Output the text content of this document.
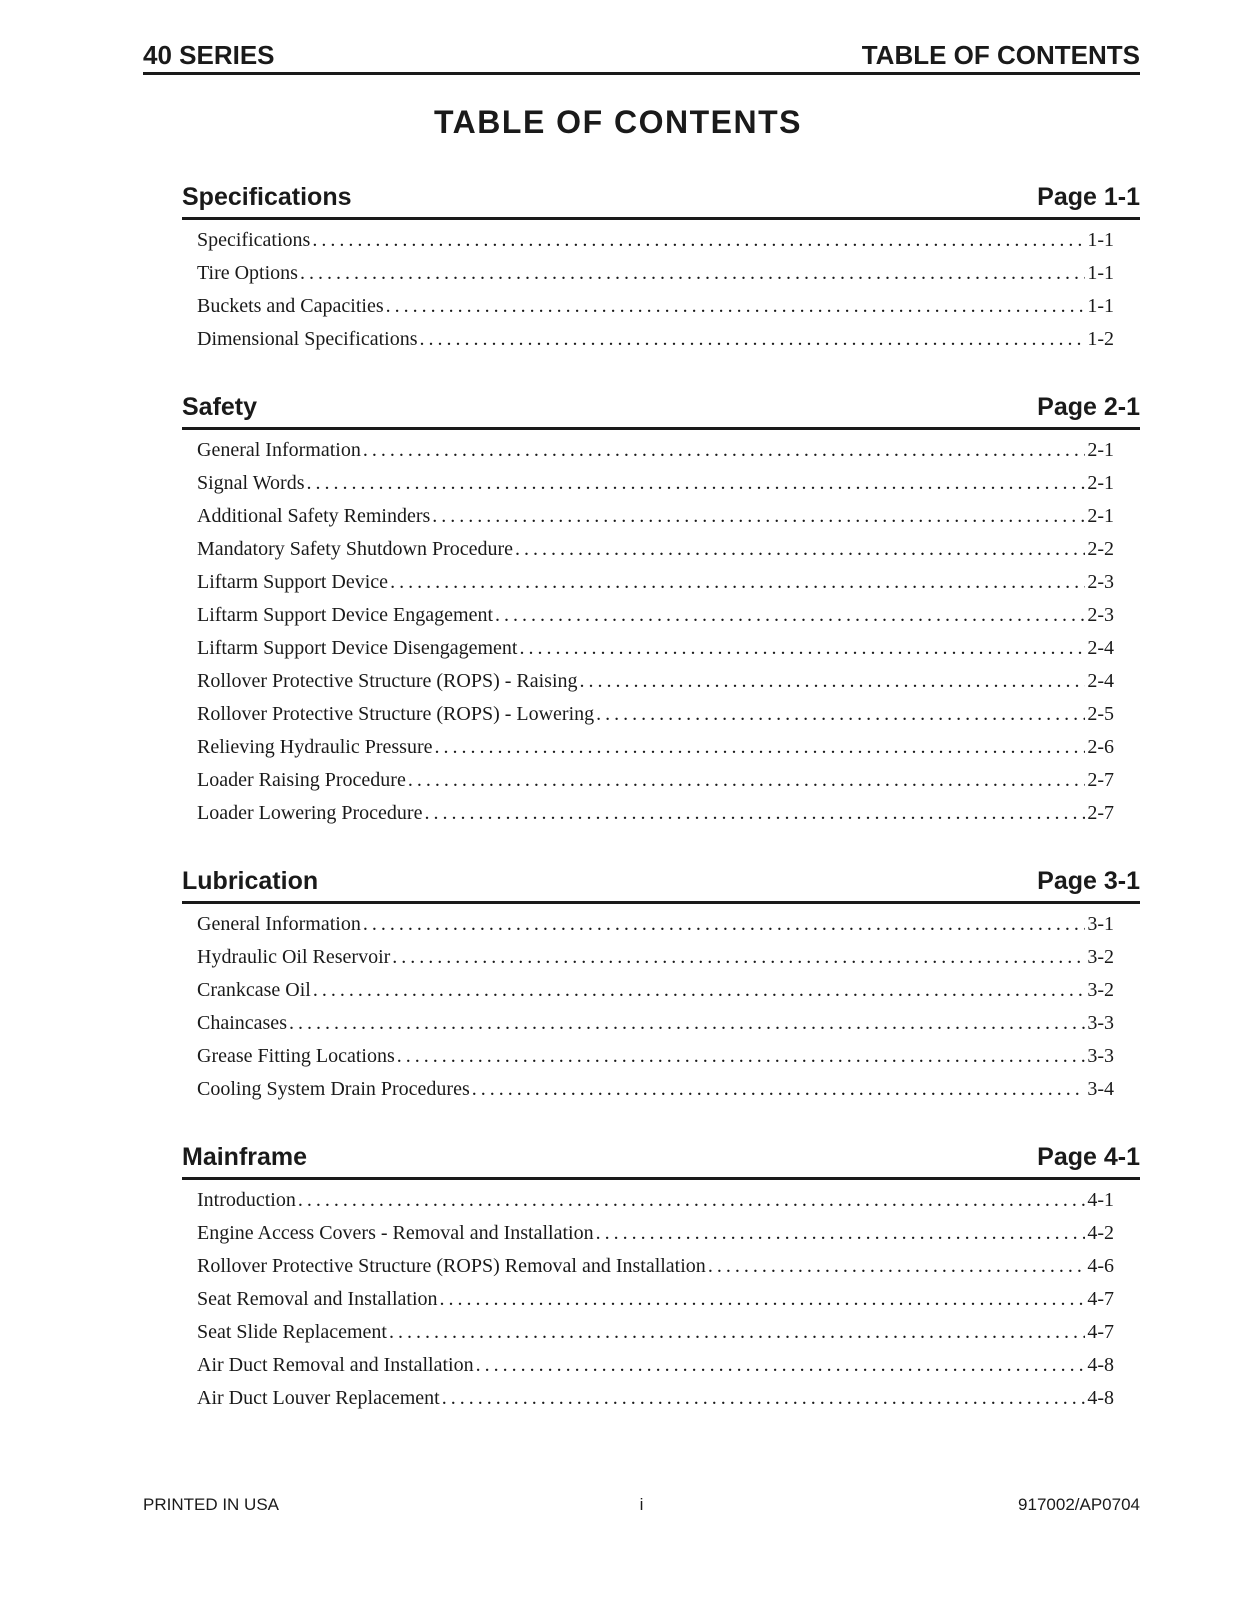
40 SERIES	TABLE OF CONTENTS
TABLE OF CONTENTS
Specifications	Page 1-1
Specifications . . .	1-1
Tire Options . . .	1-1
Buckets and Capacities . . .	1-1
Dimensional Specifications . . .	1-2
Safety	Page 2-1
General Information . . .	2-1
Signal Words . . .	2-1
Additional Safety Reminders . . .	2-1
Mandatory Safety Shutdown Procedure . . .	2-2
Liftarm Support Device . . .	2-3
Liftarm Support Device Engagement . . .	2-3
Liftarm Support Device Disengagement . . .	2-4
Rollover Protective Structure (ROPS) - Raising . . .	2-4
Rollover Protective Structure (ROPS) - Lowering . . .	2-5
Relieving Hydraulic Pressure . . .	2-6
Loader Raising Procedure . . .	2-7
Loader Lowering Procedure . . .	2-7
Lubrication	Page 3-1
General Information . . .	3-1
Hydraulic Oil Reservoir . . .	3-2
Crankcase Oil . . .	3-2
Chaincases . . .	3-3
Grease Fitting Locations . . .	3-3
Cooling System Drain Procedures . . .	3-4
Mainframe	Page 4-1
Introduction . . .	4-1
Engine Access Covers - Removal and Installation . . .	4-2
Rollover Protective Structure (ROPS) Removal and Installation . . .	4-6
Seat Removal and Installation . . .	4-7
Seat Slide Replacement . . .	4-7
Air Duct Removal and Installation . . .	4-8
Air Duct Louver Replacement . . .	4-8
PRINTED IN USA	i	917002/AP0704
